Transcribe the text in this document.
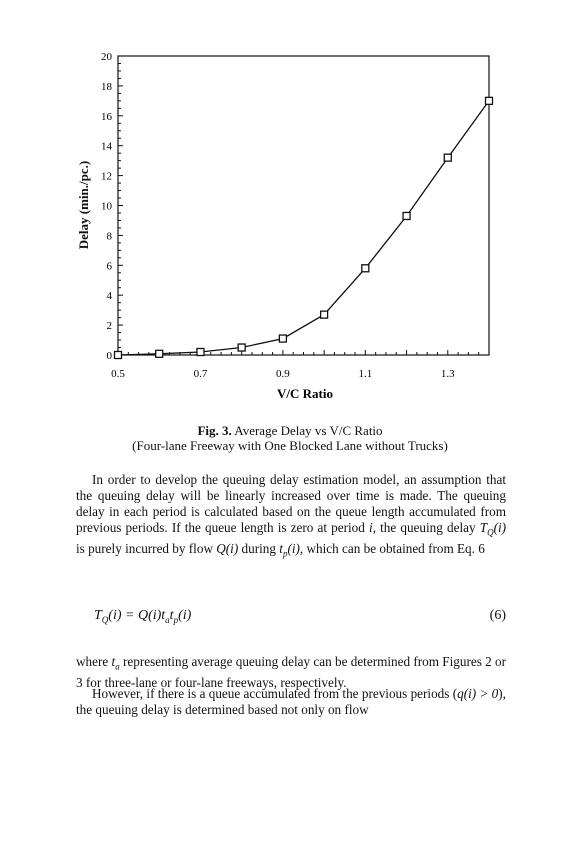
0
2
4
6
8
10
12
14
16
18
20
0.5	0.7	0.9	1.1	1.3
V/C Ratio
Delay (min./pc.)
Fig. 3. Average Delay vs V/C Ratio
(Four-lane Freeway with One Blocked Lane without Trucks)
In order to develop the queuing delay estimation model, an assumption that the queuing delay will be linearly increased over time is made. The queuing delay in each period is calculated based on the queue length accumulated from previous periods. If the queue length is zero at period i, the queuing delay $T_Q(i)$ is purely incurred by flow Q(i) during $t_p(i)$, which can be obtained from Eq. 6
$T_Q(i) = Q(i)t_at_p(i)$	(6)
where $t_a$ representing average queuing delay can be determined from Figures 2 or 3 for three-lane or four-lane freeways, respectively.
However, if there is a queue accumulated from the previous periods (q(i) > 0), the queuing delay is determined based not only on flow
